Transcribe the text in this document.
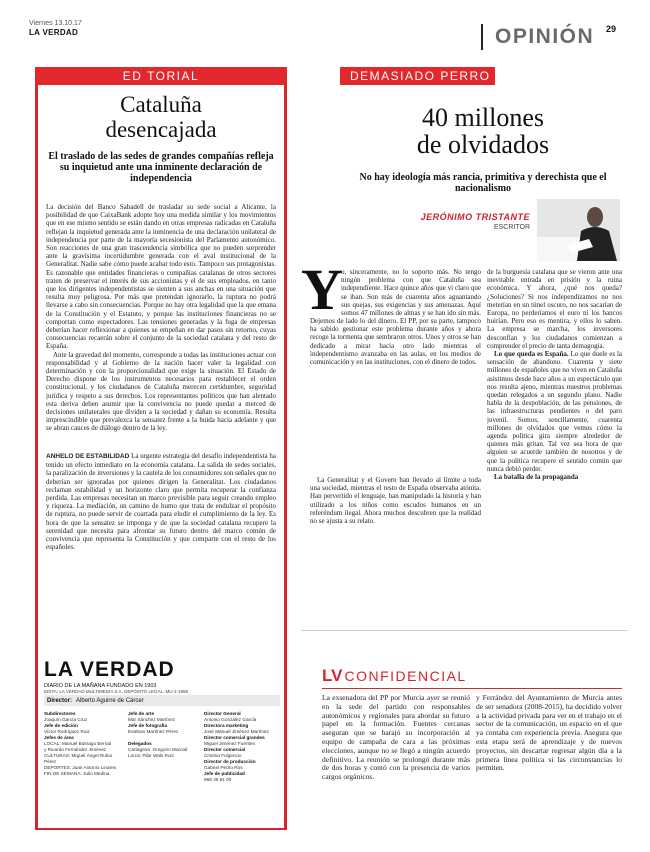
Viernes 13.10.17
LA VERDAD	OPINIÓN 29
ED TORIAL
Cataluña
desencajada
El traslado de las sedes de grandes compañías refleja su inquietud ante una inminente declaración de independencia

La decisión del Banco Sabadell de trasladar su sede social a Alicante, la posibilidad de que CaixaBank adopte hoy una medida similar y los movimientos que en ese mismo sentido se están dando en otras empresas radicadas en Cataluña reflejan la inquietud generada ante la inminencia de una declaración unilateral de independencia por parte de la mayoría secesionista del Parlamento autonómico. Son reacciones de una gran trascendencia simbólica que no pueden sorprender ante la gravísima incertidumbre generada con el aval institucional de la Generalitat. Nadie sabe cómo puede acabar todo esto. Tampoco sus protagonistas. Es razonable que entidades financieras o compañías catalanas de otros sectores traten de preservar el interés de sus accionistas y el de sus empleados, en tanto que los dirigentes independentistas se sienten a sus anchas en una situación que resulta muy peligrosa. Por más que pretendan ignorarlo, la ruptura no podrá llevarse a cabo sin consecuencias. Porque no hay otra legalidad que la que emana de la Constitución y el Estatuto, y porque las instituciones financieras no se comportan como espectadores. Las tensiones generadas y la fuga de empresas deberían hacer reflexionar a quienes se empeñan en dar pasos sin retorno, cuyas consecuencias recaerán sobre el conjunto de la sociedad catalana y del resto de España.

Ante la gravedad del momento, corresponde a todas las instituciones actuar con responsabilidad y al Gobierno de la nación hacer valer la legalidad con determinación y con la proporcionalidad que exige la situación. El Estado de Derecho dispone de los instrumentos necesarios para restablecer el orden constitucional, y los ciudadanos de Cataluña merecen certidumbre, seguridad jurídica y respeto a sus derechos. Los representantes políticos que han alentado esta deriva deben asumir que la convivencia no puede quedar a merced de decisiones unilaterales que dividen a la sociedad y dañan su economía. Resulta imprescindible que prevalezca la sensatez frente a la huida hacia adelante y que se abran cauces de diálogo dentro de la ley.

ANHELO DE ESTABILIDAD La urgente estrategia del desafío independentista ha tenido un efecto inmediato en la economía catalana. La salida de sedes sociales, la paralización de inversiones y la cautela de los consumidores son señales que no deberían ser ignoradas por quienes dirigen la Generalitat. Los ciudadanos reclaman estabilidad y un horizonte claro que permita recuperar la confianza perdida. Las empresas necesitan un marco previsible para seguir creando empleo y riqueza. La mediación, un camino de humo que trata de endulzar el propósito de ruptura, no puede servir de coartada para eludir el cumplimiento de la ley. Es hora de que la sensatez se imponga y de que la sociedad catalana recupere la serenidad que necesita para afrontar su futuro dentro del marco común de convivencia que representa la Constitución y que comparte con el resto de los españoles.

LA VERDAD
DIARIO DE LA MAÑANA FUNDADO EN 1903
EDITA: LA VERDAD MULTIMEDIA S.A. DEPÓSITO LEGAL: MU-1-1958
Director: Alberto Aguirre de Cárcer
Subdirectores
Joaquín García Cruz
Jefe de edición
Víctor Rodríguez Ruiz
Jefes de área
LOCAL: Manuel Buitrago Bernal
y Ricardo Fernández Jiménez
CULTURAS: Miguel Ángel Rubio Pérez
DEPORTES: Juan Antonio Linares
FIN DE SEMANA: Julio Medina
Jefe de arte
Mar Sánchez Martínez
Jefe de fotografía
Esteban Martínez Pérez
Delegados
Cartagena: Gregorio Marcial
Lorca: Pilar Wals Ruiz
Director General
Antonio González García
Directora marketing
José Manuel Jiménez Martínez
Director comercial grandes
Miguel Jiménez Fuentes
Director comercial
Cristina Fulgencio
Director de producción
Gabriel Pedro Ros
Jefe de publicidad
968 36 91 00
DEMASIADO PERRO
40 millones
de olvidados
No hay ideología más rancia, primitiva y derechista que el nacionalismo
JERÓNIMO TRISTANTE
ESCRITOR
Y

o, sinceramente, no lo soporto más. No tengo ningún problema con que Cataluña sea independiente. Hace quince años que vi claro que se iban. Son más de cuarenta años aguantando sus quejas, sus exigencias y sus amenazas. Aquí somos 47 millones de almas y se han ido sin más.

Dejemos de lado lo del dinero. El PP, por su parte, tampoco ha sabido gestionar este problema durante años y ahora recoge la tormenta que sembraron otros. Unos y otros se han dedicado a mirar hacia otro lado mientras el independentismo avanzaba en las aulas, en los medios de comunicación y en las instituciones, con el dinero de todos.

La Generalitat y el Govern han llevado al límite a toda una sociedad, mientras el resto de España observaba atónita. Han pervertido el lenguaje, han manipulado la historia y han utilizado a los niños como escudos humanos en un referéndum ilegal. Ahora muchos descubren que la realidad no se ajusta a su relato.

de la burguesía catalana que se vieron ante una inevitable entrada en prisión y la ruina económica. Y ahora, ¿qué nos queda? ¿Soluciones? Si nos independizamos no nos meterían en un túnel oscuro, no nos sacarían de Europa, no perderíamos el euro ni los bancos huirían. Pero eso es mentira, y ellos lo saben. La empresa se marcha, los inversores desconfían y los ciudadanos comienzan a comprender el precio de tanta demagogia.

Lo que queda es España. Lo que duele es la sensación de abandono. Cuarenta y siete millones de españoles que no viven en Cataluña asistimos desde hace años a un espectáculo que nos resulta ajeno, mientras nuestros problemas quedan relegados a un segundo plano. Nadie habla de la despoblación, de las pensiones, de las infraestructuras pendientes o del paro juvenil. Somos, sencillamente, cuarenta millones de olvidados que vemos cómo la agenda política gira siempre alrededor de quienes más gritan. Tal vez sea hora de que alguien se acuerde también de nosotros y de que la política recupere el sentido común que nunca debió perder.

La batalla de la propaganda

LV CONFIDENCIAL

La exsenadora del PP por Murcia ayer se reunió en la sede del partido con responsables autonómicos y regionales para abordar su futuro papel en la formación. Fuentes cercanas aseguran que se barajó su incorporación al equipo de campaña de cara a las próximas elecciones, aunque no se llegó a ningún acuerdo definitivo. La reunión se prolongó durante más de dos horas y contó con la presencia de varios cargos orgánicos.

y Ferrández del Ayuntamiento de Murcia antes de ser senadora (2008-2015), ha decidido volver a la actividad privada para ver en el trabajo en el sector de la comunicación, un espacio en el que ya contaba con experiencia previa. Asegura que esta etapa será de aprendizaje y de nuevos proyectos, sin descartar regresar algún día a la primera línea política si las circunstancias lo permiten.
